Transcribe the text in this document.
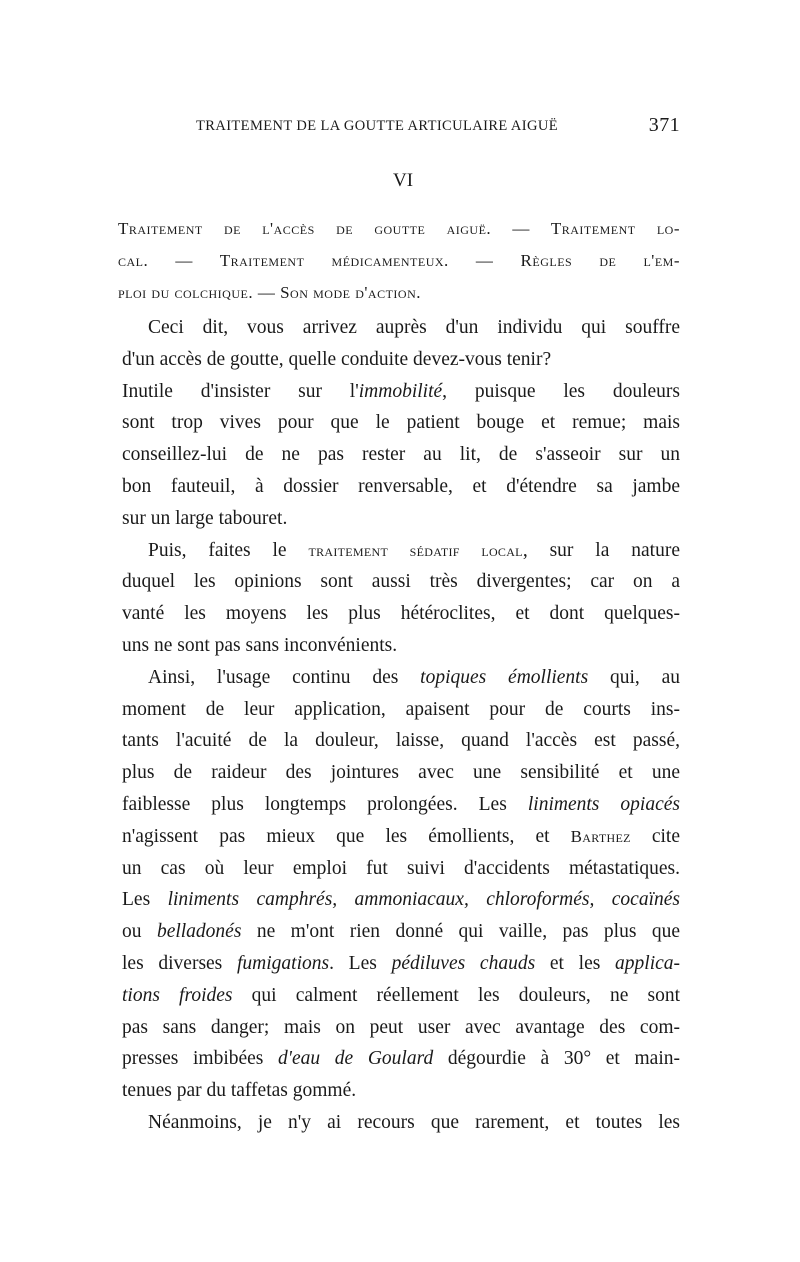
TRAITEMENT DE LA GOUTTE ARTICULAIRE AIGUË	371
VI
Traitement de l'accès de goutte aiguë. — Traitement lo-
cal. — Traitement médicamenteux. — Règles de l'em-
ploi du colchique. — Son mode d'action.
Ceci dit, vous arrivez auprès d'un individu qui souffre
d'un accès de goutte, quelle conduite devez-vous tenir?
Inutile d'insister sur l'immobilité, puisque les douleurs
sont trop vives pour que le patient bouge et remue; mais
conseillez-lui de ne pas rester au lit, de s'asseoir sur un
bon fauteuil, à dossier renversable, et d'étendre sa jambe
sur un large tabouret.
Puis, faites le traitement sédatif local, sur la nature
duquel les opinions sont aussi très divergentes; car on a
vanté les moyens les plus hétéroclites, et dont quelques-
uns ne sont pas sans inconvénients.
Ainsi, l'usage continu des topiques émollients qui, au
moment de leur application, apaisent pour de courts ins-
tants l'acuité de la douleur, laisse, quand l'accès est passé,
plus de raideur des jointures avec une sensibilité et une
faiblesse plus longtemps prolongées. Les liniments opiacés
n'agissent pas mieux que les émollients, et Barthez cite
un cas où leur emploi fut suivi d'accidents métastatiques.
Les liniments camphrés, ammoniacaux, chloroformés, cocaïnés
ou belladonés ne m'ont rien donné qui vaille, pas plus que
les diverses fumigations. Les pédiluves chauds et les applica-
tions froides qui calment réellement les douleurs, ne sont
pas sans danger; mais on peut user avec avantage des com-
presses imbibées d'eau de Goulard dégourdie à 30° et main-
tenues par du taffetas gommé.
Néanmoins, je n'y ai recours que rarement, et toutes les
